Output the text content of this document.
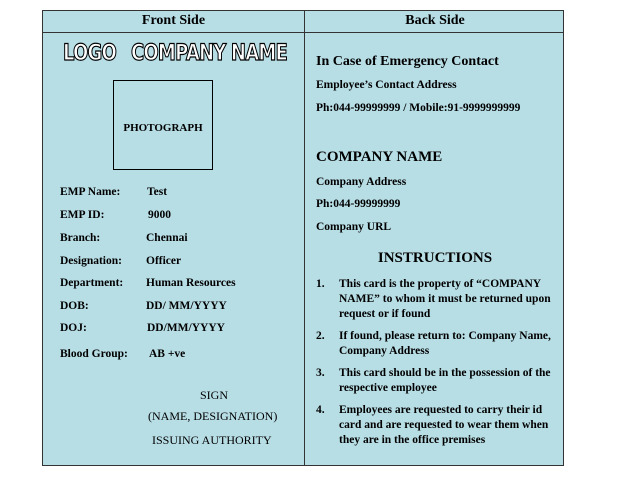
Front Side	Back Side
LOGO COMPANY NAME
PHOTOGRAPH
EMP Name: Test
EMP ID:	9000
Branch:	Chennai
Designation: Officer
Department: Human Resources
DOB:	DD/ MM/YYYY
DOJ:	DD/MM/YYYY
Blood Group: AB +ve
SIGN
(NAME, DESIGNATION)
ISSUING AUTHORITY
In Case of Emergency Contact
Employee’s Contact Address
Ph:044-99999999 / Mobile:91-9999999999
COMPANY NAME
Company Address
Ph:044-99999999
Company URL
INSTRUCTIONS
1. This card is the property of “COMPANY NAME” to whom it must be returned upon request or if found
2. If found, please return to: Company Name, Company Address
3. This card should be in the possession of the respective employee
4. Employees are requested to carry their id card and are requested to wear them when they are in the office premises
